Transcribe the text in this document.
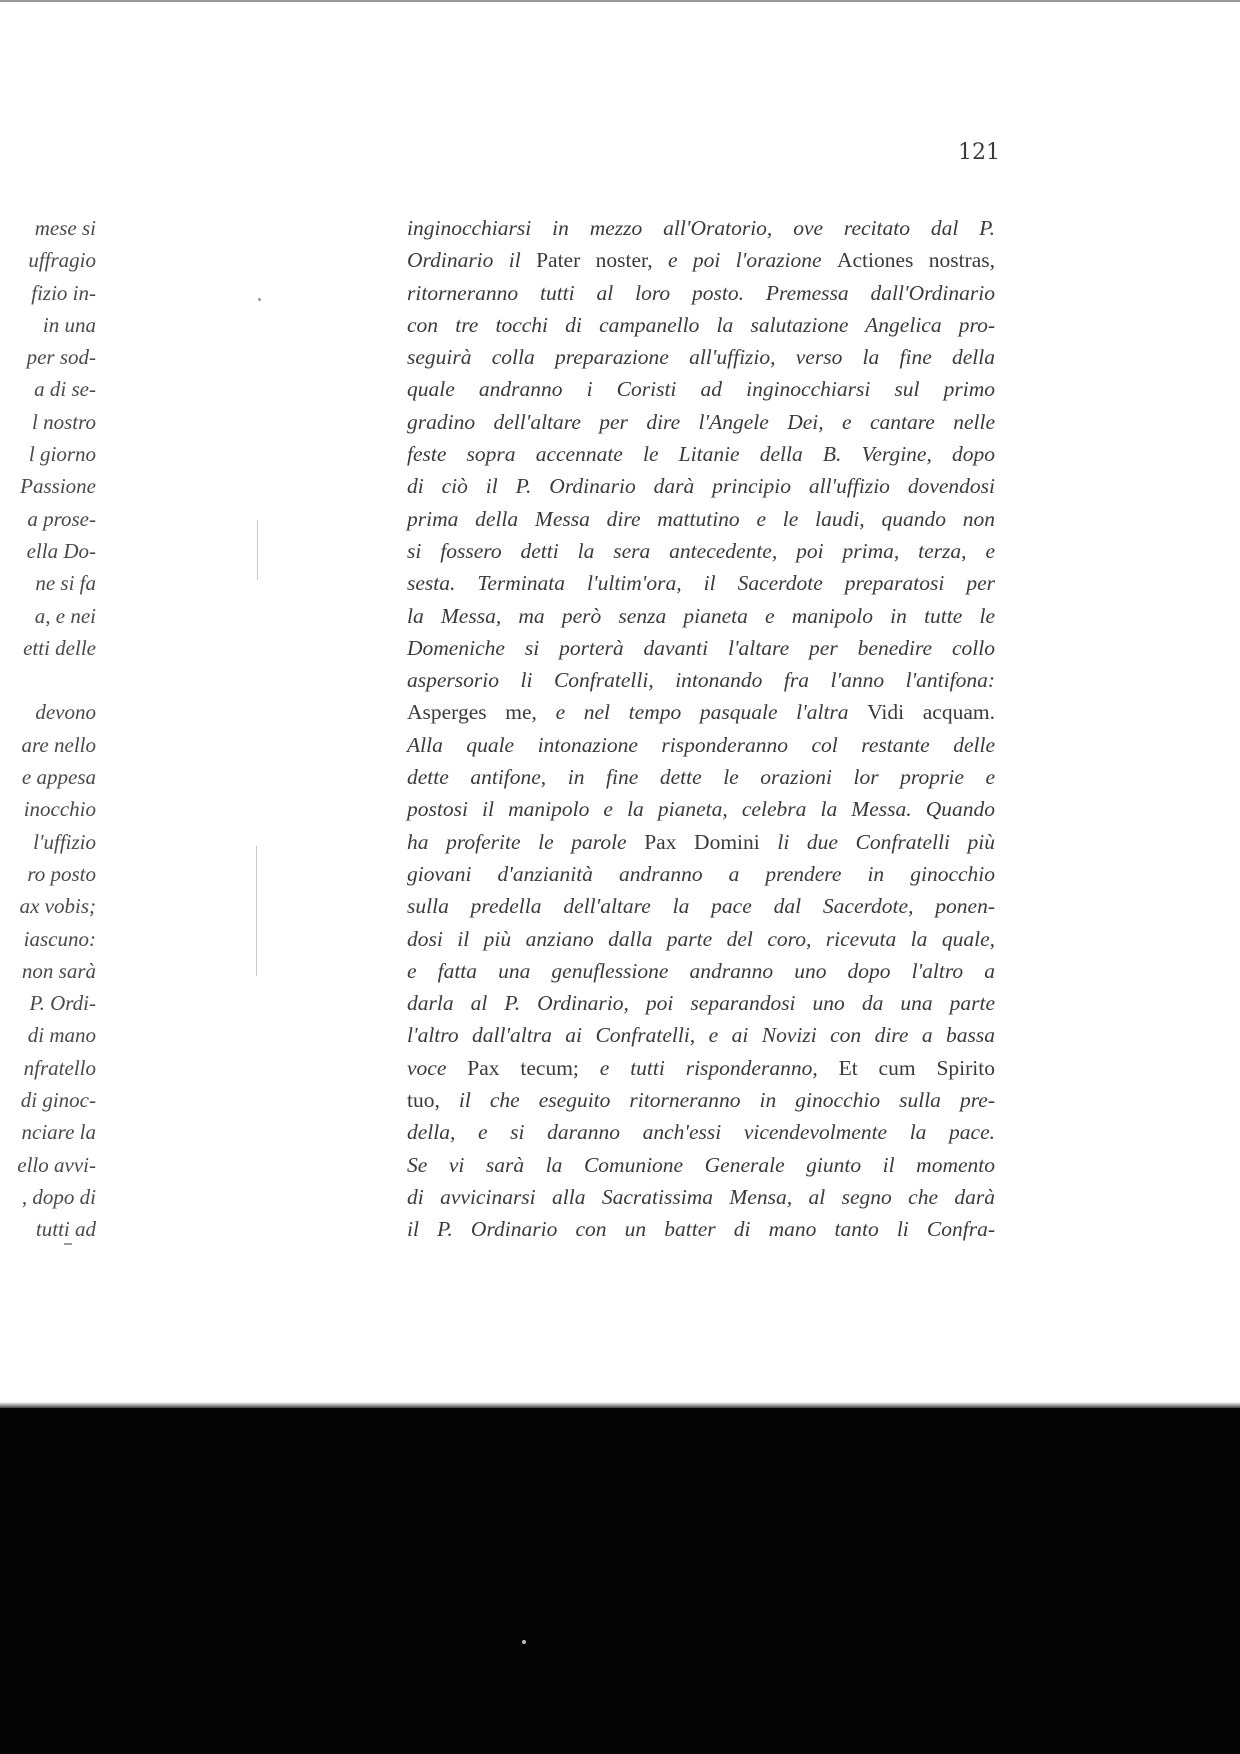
121
mese si
uffragio
fizio in-
in una
per sod-
a di se-
l nostro
l giorno
Passione
a prose-
ella Do-
ne si fa
a, e nei
etti delle
devono
are nello
e appesa
inocchio
l'uffizio
ro posto
ax vobis;
iascuno:
non sarà
P. Ordi-
di mano
nfratello
di ginoc-
nciare la
ello avvi-
, dopo di
tutti ad
inginocchiarsi in mezzo all'Oratorio, ove recitato dal P.
Ordinario il Pater noster, e poi l'orazione Actiones nostras,
ritorneranno tutti al loro posto. Premessa dall'Ordinario
con tre tocchi di campanello la salutazione Angelica pro-
seguirà colla preparazione all'uffizio, verso la fine della
quale andranno i Coristi ad inginocchiarsi sul primo
gradino dell'altare per dire l'Angele Dei, e cantare nelle
feste sopra accennate le Litanie della B. Vergine, dopo
di ciò il P. Ordinario darà principio all'uffizio dovendosi
prima della Messa dire mattutino e le laudi, quando non
si fossero detti la sera antecedente, poi prima, terza, e
sesta. Terminata l'ultim'ora, il Sacerdote preparatosi per
la Messa, ma però senza pianeta e manipolo in tutte le
Domeniche si porterà davanti l'altare per benedire collo
aspersorio li Confratelli, intonando fra l'anno l'antifona:
Asperges me, e nel tempo pasquale l'altra Vidi acquam.
Alla quale intonazione risponderanno col restante delle
dette antifone, in fine dette le orazioni lor proprie e
postosi il manipolo e la pianeta, celebra la Messa. Quando
ha proferite le parole Pax Domini li due Confratelli più
giovani d'anzianità andranno a prendere in ginocchio
sulla predella dell'altare la pace dal Sacerdote, ponen-
dosi il più anziano dalla parte del coro, ricevuta la quale,
e fatta una genuflessione andranno uno dopo l'altro a
darla al P. Ordinario, poi separandosi uno da una parte
l'altro dall'altra ai Confratelli, e ai Novizi con dire a bassa
voce Pax tecum; e tutti risponderanno, Et cum Spirito
tuo, il che eseguito ritorneranno in ginocchio sulla pre-
della, e si daranno anch'essi vicendevolmente la pace.
Se vi sarà la Comunione Generale giunto il momento
di avvicinarsi alla Sacratissima Mensa, al segno che darà
il P. Ordinario con un batter di mano tanto li Confra-
